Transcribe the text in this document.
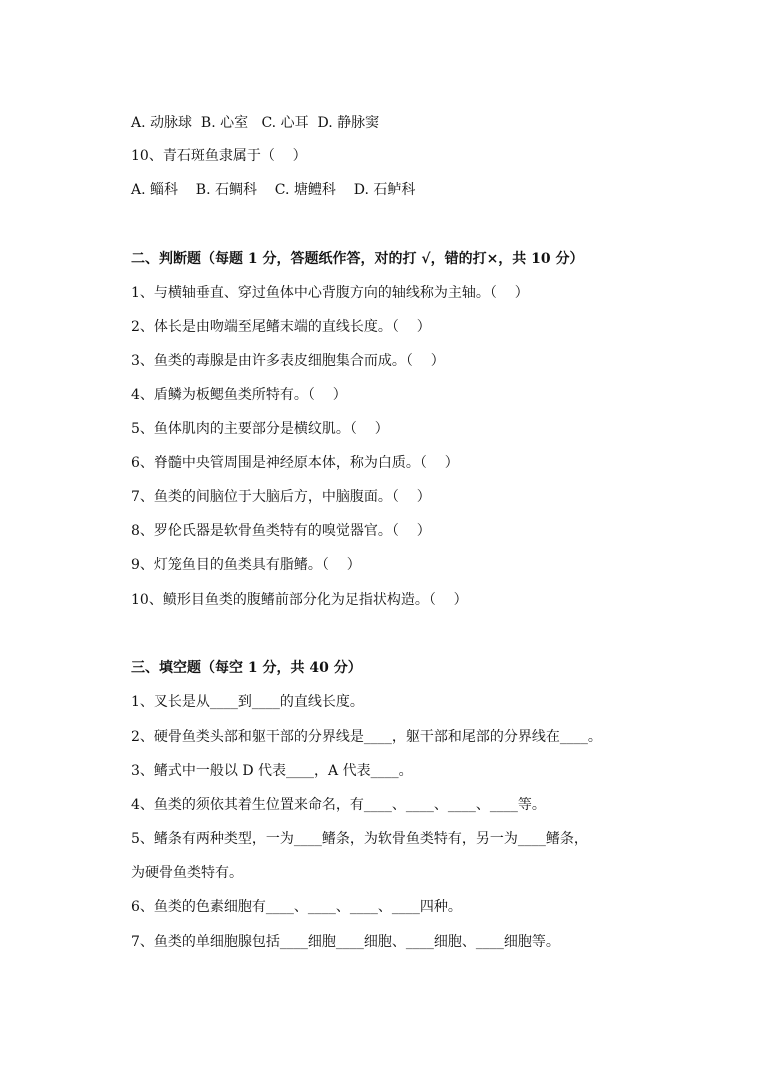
A. 动脉球  B. 心室   C. 心耳  D. 静脉窦
10、青石斑鱼隶属于（    ）
A. 鲻科    B. 石鲷科    C. 塘鳢科    D. 石鲈科
二、判断题（每题 1 分，答题纸作答，对的打 √，错的打×，共 10 分）
1、与横轴垂直、穿过鱼体中心背腹方向的轴线称为主轴。（    ）
2、体长是由吻端至尾鳍末端的直线长度。（    ）
3、鱼类的毒腺是由许多表皮细胞集合而成。（    ）
4、盾鳞为板鳃鱼类所特有。（    ）
5、鱼体肌肉的主要部分是横纹肌。（    ）
6、脊髓中央管周围是神经原本体，称为白质。（    ）
7、鱼类的间脑位于大脑后方，中脑腹面。（    ）
8、罗伦氏器是软骨鱼类特有的嗅觉器官。（    ）
9、灯笼鱼目的鱼类具有脂鳍。（    ）
10、鲼形目鱼类的腹鳍前部分化为足指状构造。（    ）
三、填空题（每空 1 分，共 40 分）
1、叉长是从____到____的直线长度。
2、硬骨鱼类头部和躯干部的分界线是____，躯干部和尾部的分界线在____。
3、鳍式中一般以 D 代表____，A 代表____。
4、鱼类的须依其着生位置来命名，有____、____、____、____等。
5、鳍条有两种类型，一为____鳍条，为软骨鱼类特有，另一为____鳍条，
为硬骨鱼类特有。
6、鱼类的色素细胞有____、____、____、____四种。
7、鱼类的单细胞腺包括____细胞____细胞、____细胞、____细胞等。
